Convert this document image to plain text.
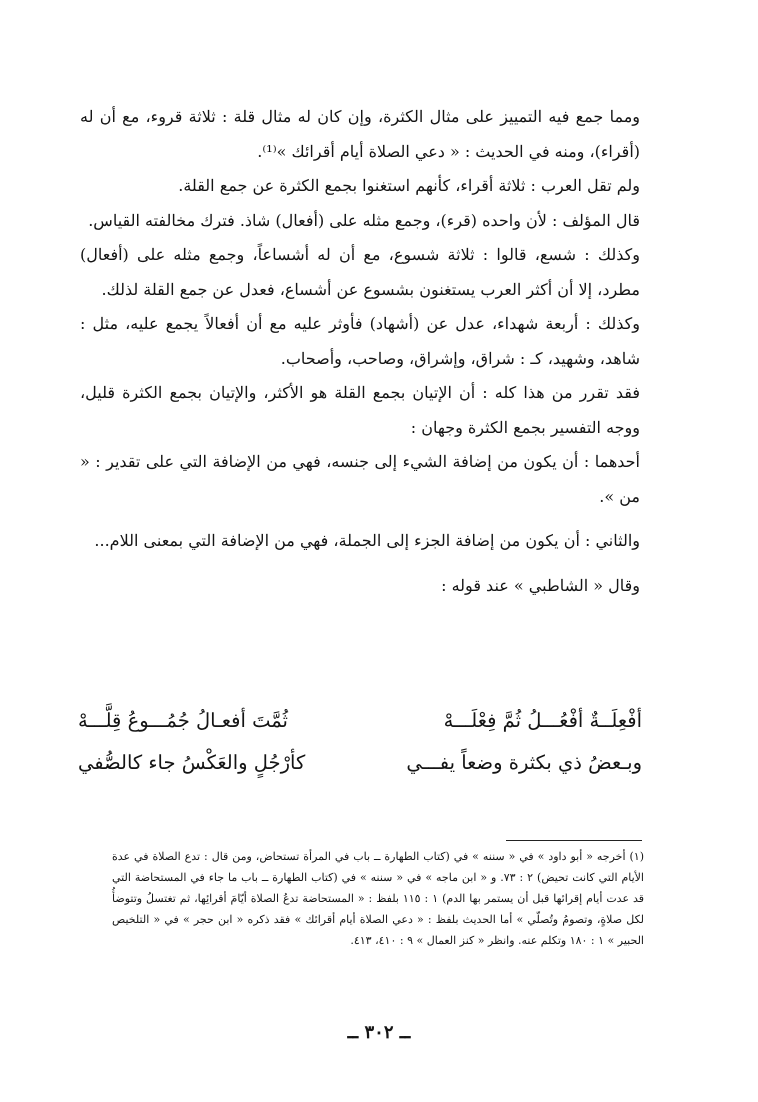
ومما جمع فيه التمييز على مثال الكثرة، وإن كان له مثال قلة : ثلاثة قروء، مع أن له (أقراء)، ومنه في الحديث : « دعي الصلاة أيام أقرائك »⁽¹⁾.

ولم تقل العرب : ثلاثة أقراء، كأنهم استغنوا بجمع الكثرة عن جمع القلة.

قال المؤلف : لأن واحده (قرء)، وجمع مثله على (أفعال) شاذ. فترك مخالفته القياس.

وكذلك : شسع، قالوا : ثلاثة شسوع، مع أن له أشساعاً، وجمع مثله على (أفعال) مطرد، إلا أن أكثر العرب يستغنون بشسوع عن أشساع، فعدل عن جمع القلة لذلك.

وكذلك : أربعة شهداء، عدل عن (أشهاد) فأوثر عليه مع أن أفعالاً يجمع عليه، مثل : شاهد، وشهيد، كـ : شراق، وإشراق، وصاحب، وأصحاب.

فقد تقرر من هذا كله : أن الإتيان بجمع القلة هو الأكثر، والإتيان بجمع الكثرة قليل، ووجه التفسير بجمع الكثرة وجهان :

أحدهما : أن يكون من إضافة الشيء إلى جنسه، فهي من الإضافة التي على تقدير : « من ».

والثاني : أن يكون من إضافة الجزء إلى الجملة، فهي من الإضافة التي بمعنى اللام...

وقال « الشاطبي » عند قوله :

أفْعِلَــةٌ أفْعُـــلُ ثُمَّ فِعْلَـــهْ
ثُمَّتَ أفعـالُ جُمُـــوعُ قِلَّـــهْ
وبـعضُ ذي بكثرة وضعاً يفـــي
كأرْجُلٍ والعَكْسُ جاء كالصُّفي
(١) أخرجه « أبو داود » في « سننه » في (كتاب الطهارة ــ باب في المرأة تستحاض، ومن قال : تدع الصلاة في عدة الأيام التي كانت تحيض) ٢ : ٧٣. و « ابن ماجه » في « سننه » في (كتاب الطهارة ــ باب ما جاء في المستحاضة التي قد عدت أيام إقرائها قبل أن يستمر بها الدم) ١ : ١١٥ بلفظ : « المستحاضة تدعُ الصلاة أيّامَ أقرائِها، ثم تغتسلُ وتتوضأُ لكل صلاةٍ، وتصومُ وتُصلّي » أما الحديث بلفظ : « دعي الصلاة أيام أقرائك » فقد ذكره « ابن حجر » في « التلخيص الحبير » ١ : ١٨٠ وتكلم عنه. وانظر « كنز العمال » ٩ : ٤١٠، ٤١٣.
ــ ٣٠٢ ــ
